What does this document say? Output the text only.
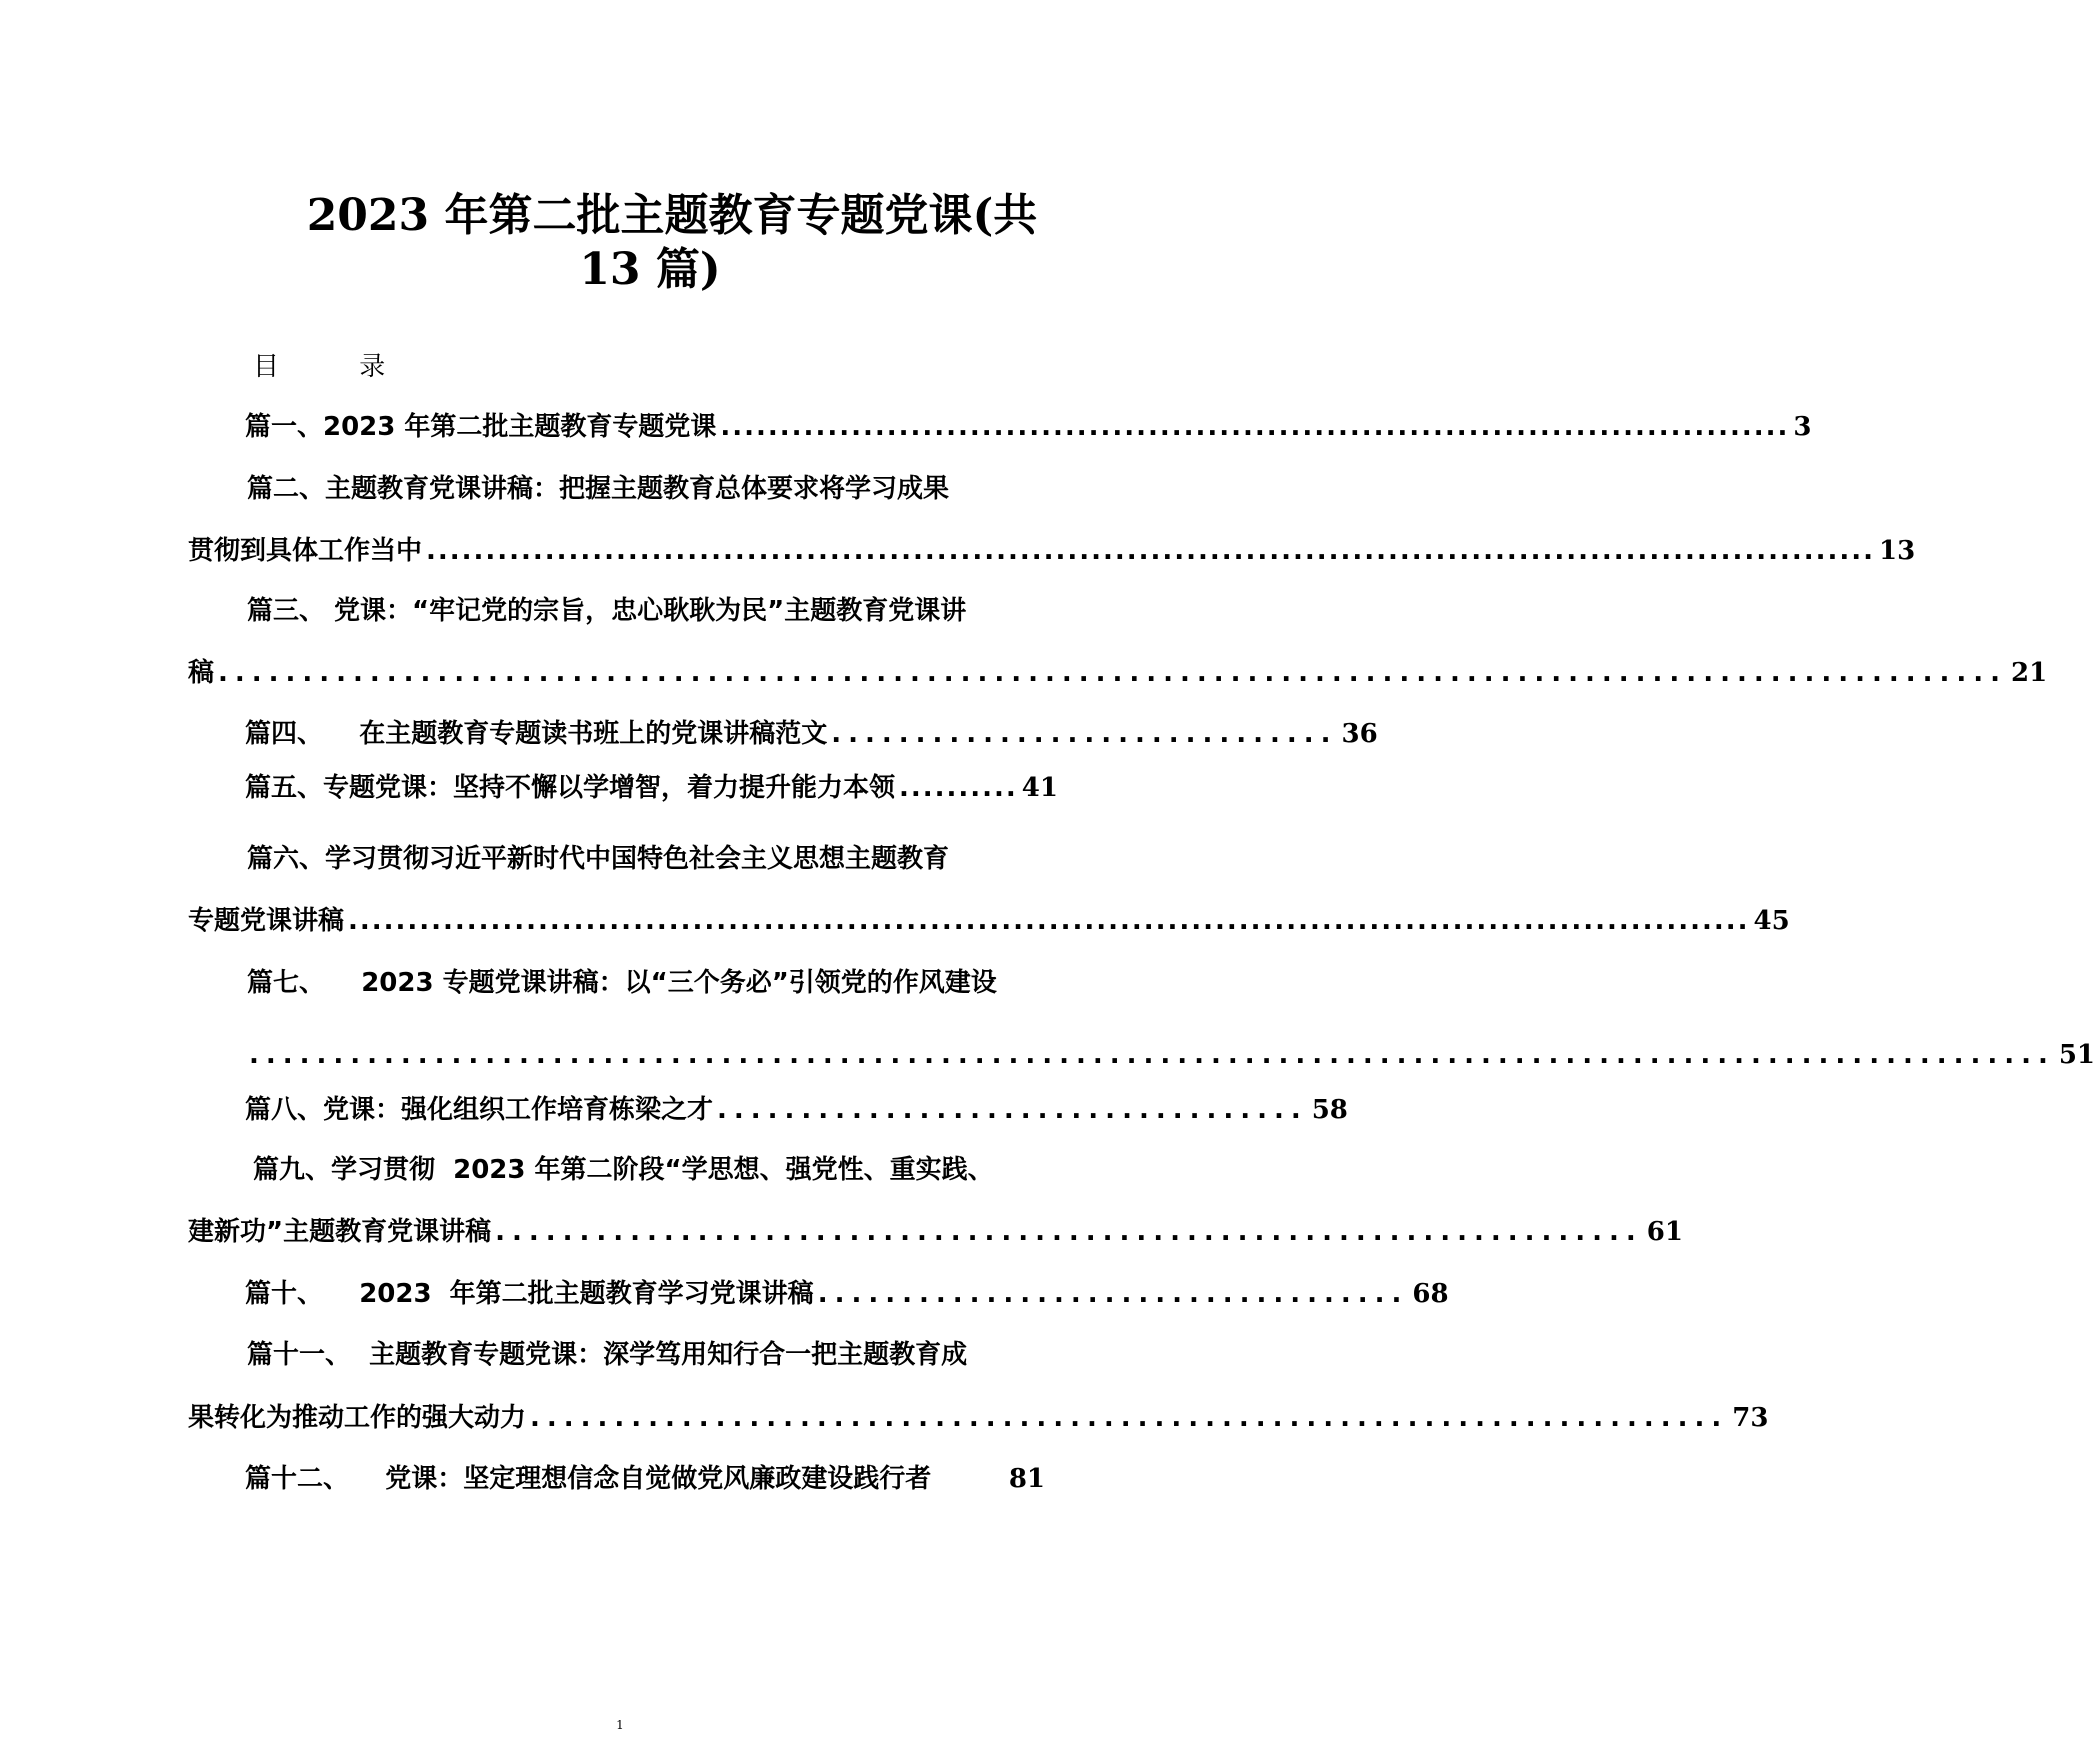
2023 年第二批主题教育专题党课(共
13 篇)
目 录
篇一、2023 年第二批主题教育专题党课 .......................................................................................... 3
篇二、主题教育党课讲稿：把握主题教育总体要求将学习成果
贯彻到具体工作当中 .......................................................................................................................... 13
篇三、 党课：“牢记党的宗旨，忠心耿耿为民”主题教育党课讲
稿 .......................................................................................................... 21
篇四、    在主题教育专题读书班上的党课讲稿范文 .............................. 36
篇五、专题党课：坚持不懈以学增智，着力提升能力本领 .......... 41
篇六、学习贯彻习近平新时代中国特色社会主义思想主题教育
专题党课讲稿 ...................................................................................................................... 45
篇七、    2023 专题党课讲稿：以“三个务必”引领党的作风建设
........................................................................................................... 51
篇八、党课：强化组织工作培育栋梁之才 ................................... 58
篇九、学习贯彻  2023 年第二阶段“学思想、强党性、重实践、
建新功”主题教育党课讲稿 .................................................................... 61
篇十、    2023  年第二批主题教育学习党课讲稿 ................................... 68
篇十一、  主题教育专题党课：深学笃用知行合一把主题教育成
果转化为推动工作的强大动力 ....................................................................... 73
篇十二、    党课：坚定理想信念自觉做党风廉政建设践行者	81
1
